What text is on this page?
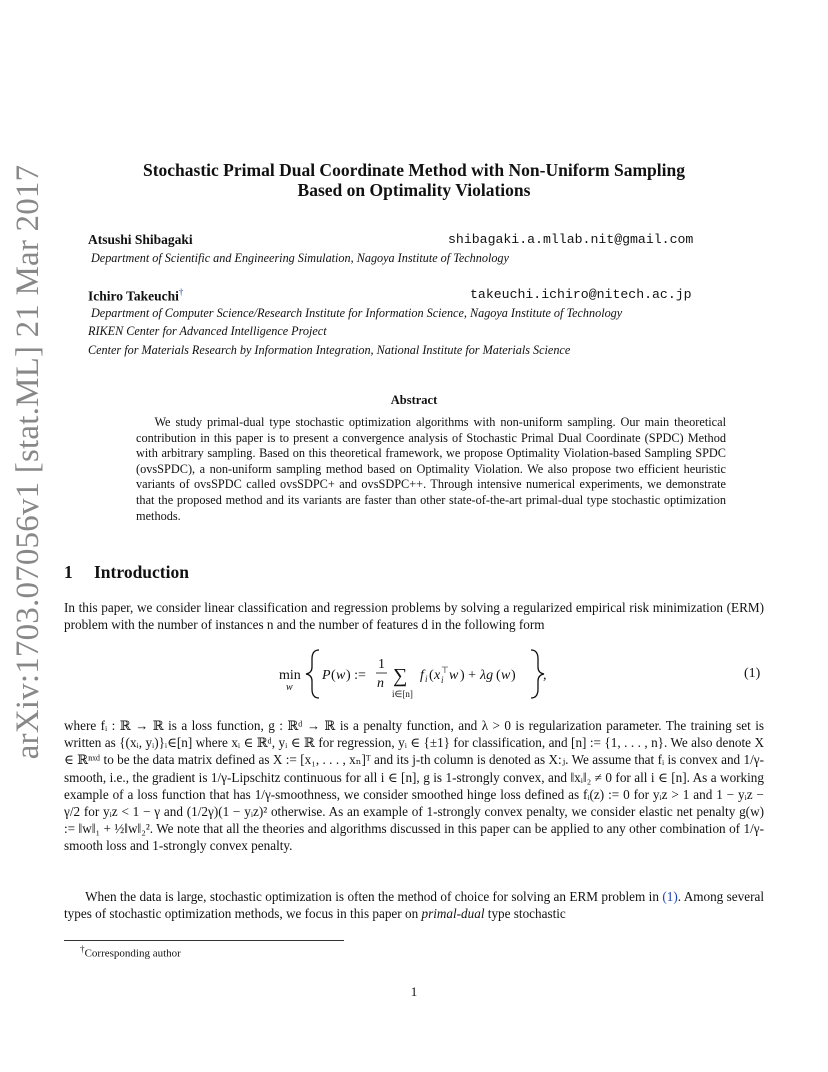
arXiv:1703.07056v1 [stat.ML] 21 Mar 2017	Stochastic Primal Dual Coordinate Method with Non-Uniform Sampling
Based on Optimality Violations
Atsushi Shibagaki	shibagaki.a.mllab.nit@gmail.com
Department of Scientific and Engineering Simulation, Nagoya Institute of Technology
Ichiro Takeuchi†	takeuchi.ichiro@nitech.ac.jp
Department of Computer Science/Research Institute for Information Science, Nagoya Institute of Technology
RIKEN Center for Advanced Intelligence Project
Center for Materials Research by Information Integration, National Institute for Materials Science
Abstract
We study primal-dual type stochastic optimization algorithms with non-uniform sampling. Our main theoretical contribution in this paper is to present a convergence analysis of Stochastic Primal Dual Coordinate (SPDC) Method with arbitrary sampling. Based on this theoretical framework, we propose Optimality Violation-based Sampling SPDC (ovsSPDC), a non-uniform sampling method based on Optimality Violation. We also propose two efficient heuristic variants of ovsSPDC called ovsSDPC+ and ovsSDPC++. Through intensive numerical experiments, we demonstrate that the proposed method and its variants are faster than other state-of-the-art primal-dual type stochastic optimization methods.
1 Introduction
In this paper, we consider linear classification and regression problems by solving a regularized empirical risk minimization (ERM) problem with the number of instances n and the number of features d in the following form
min
w
P ( w ) :=
1
n ∑
i∈[n]
f i ( x ⊤
i w ) + λg ( w ) ,	(1)
where fᵢ : ℝ → ℝ is a loss function, g : ℝᵈ → ℝ is a penalty function, and λ > 0 is regularization parameter. The training set is written as {(xᵢ, yᵢ)}ᵢ∈[n] where xᵢ ∈ ℝᵈ, yᵢ ∈ ℝ for regression, yᵢ ∈ {±1} for classification, and [n] := {1, . . . , n}. We also denote X ∈ ℝⁿˣᵈ to be the data matrix defined as X := [x₁, . . . , xₙ]ᵀ and its j-th column is denoted as X:ⱼ. We assume that fᵢ is convex and 1/γ-smooth, i.e., the gradient is 1/γ-Lipschitz continuous for all i ∈ [n], g is 1-strongly convex, and ‖xᵢ‖₂ ≠ 0 for all i ∈ [n]. As a working example of a loss function that has 1/γ-smoothness, we consider smoothed hinge loss defined as fᵢ(z) := 0 for yᵢz > 1 and 1 − yᵢz − γ/2 for yᵢz < 1 − γ and (1/2γ)(1 − yᵢz)² otherwise. As an example of 1-strongly convex penalty, we consider elastic net penalty g(w) := ‖w‖₁ + ½‖w‖₂². We note that all the theories and algorithms discussed in this paper can be applied to any other combination of 1/γ-smooth loss and 1-strongly convex penalty.
When the data is large, stochastic optimization is often the method of choice for solving an ERM problem in (1). Among several types of stochastic optimization methods, we focus in this paper on primal-dual type stochastic
†Corresponding author
1
